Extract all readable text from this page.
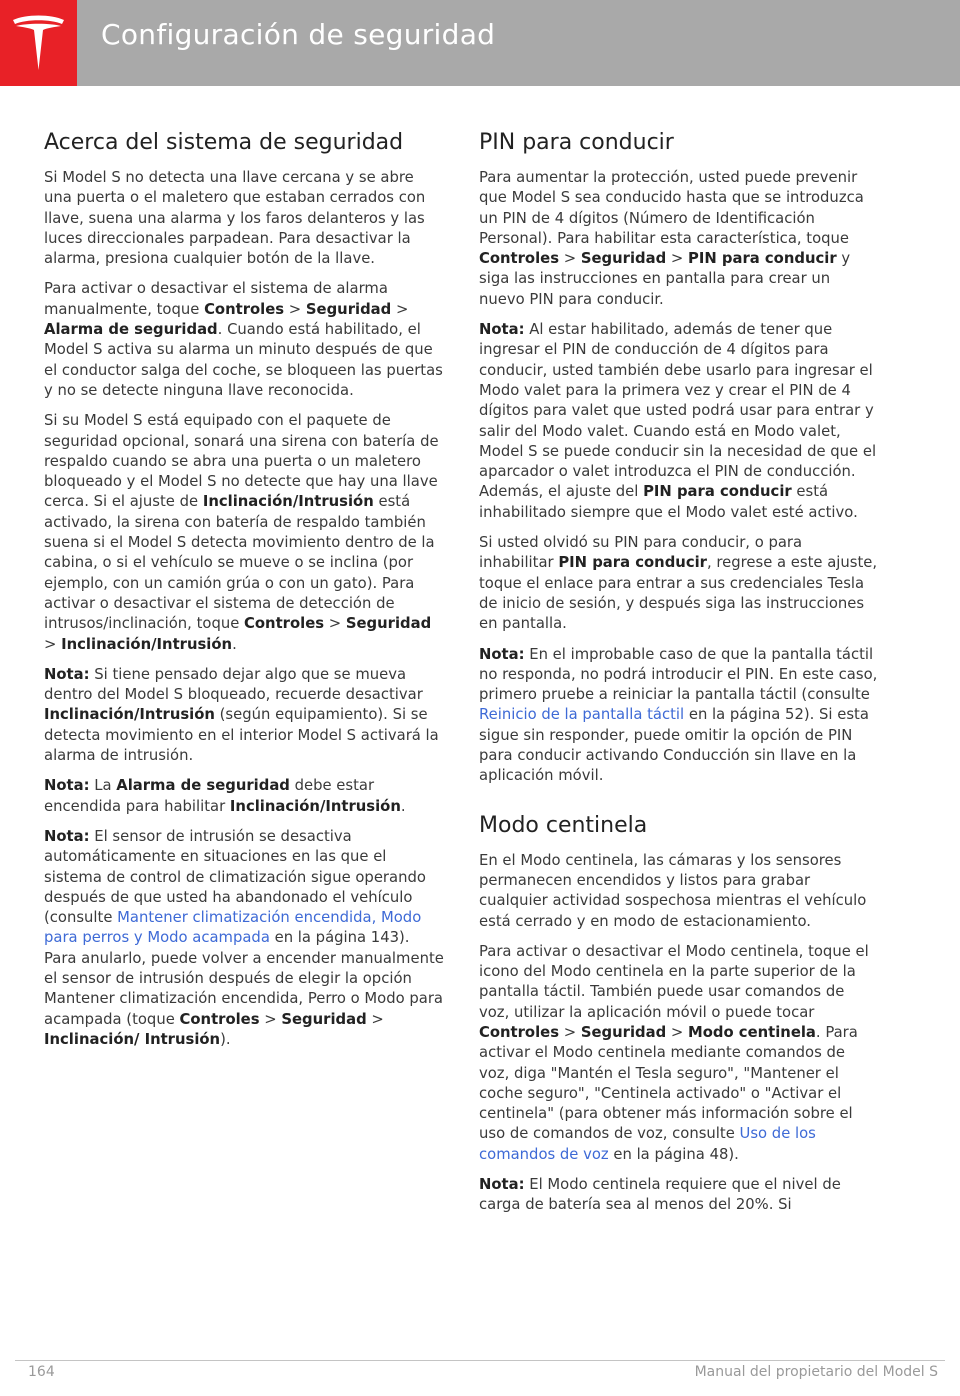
Configuración de seguridad
Acerca del sistema de seguridad

Si Model S no detecta una llave cercana y se abre una puerta o el maletero que estaban cerrados con llave, suena una alarma y los faros delanteros y las luces direccionales parpadean. Para desactivar la alarma, presiona cualquier botón de la llave.

Para activar o desactivar el sistema de alarma manualmente, toque Controles > Seguridad > Alarma de seguridad. Cuando está habilitado, el Model S activa su alarma un minuto después de que el conductor salga del coche, se bloqueen las puertas y no se detecte ninguna llave reconocida.

Si su Model S está equipado con el paquete de seguridad opcional, sonará una sirena con batería de respaldo cuando se abra una puerta o un maletero bloqueado y el Model S no detecte que hay una llave cerca. Si el ajuste de Inclinación/Intrusión está activado, la sirena con batería de respaldo también suena si el Model S detecta movimiento dentro de la cabina, o si el vehículo se mueve o se inclina (por ejemplo, con un camión grúa o con un gato). Para activar o desactivar el sistema de detección de intrusos/inclinación, toque Controles > Seguridad > Inclinación/Intrusión.

Nota: Si tiene pensado dejar algo que se mueva dentro del Model S bloqueado, recuerde desactivar Inclinación/Intrusión (según equipamiento). Si se detecta movimiento en el interior Model S activará la alarma de intrusión.

Nota: La Alarma de seguridad debe estar encendida para habilitar Inclinación/Intrusión.

Nota: El sensor de intrusión se desactiva automáticamente en situaciones en las que el sistema de control de climatización sigue operando después de que usted ha abandonado el vehículo (consulte Mantener climatización encendida, Modo para perros y Modo acampada en la página 143). Para anularlo, puede volver a encender manualmente el sensor de intrusión después de elegir la opción Mantener climatización encendida, Perro o Modo para acampada (toque Controles > Seguridad > Inclinación/ Intrusión).

PIN para conducir

Para aumentar la protección, usted puede prevenir que Model S sea conducido hasta que se introduzca un PIN de 4 dígitos (Número de Identificación Personal). Para habilitar esta característica, toque Controles > Seguridad > PIN para conducir y siga las instrucciones en pantalla para crear un nuevo PIN para conducir.

Nota: Al estar habilitado, además de tener que ingresar el PIN de conducción de 4 dígitos para conducir, usted también debe usarlo para ingresar el Modo valet para la primera vez y crear el PIN de 4 dígitos para valet que usted podrá usar para entrar y salir del Modo valet. Cuando está en Modo valet, Model S se puede conducir sin la necesidad de que el aparcador o valet introduzca el PIN de conducción. Además, el ajuste del PIN para conducir está inhabilitado siempre que el Modo valet esté activo.

Si usted olvidó su PIN para conducir, o para inhabilitar PIN para conducir, regrese a este ajuste, toque el enlace para entrar a sus credenciales Tesla de inicio de sesión, y después siga las instrucciones en pantalla.

Nota: En el improbable caso de que la pantalla táctil no responda, no podrá introducir el PIN. En este caso, primero pruebe a reiniciar la pantalla táctil (consulte Reinicio de la pantalla táctil en la página 52). Si esta sigue sin responder, puede omitir la opción de PIN para conducir activando Conducción sin llave en la aplicación móvil.

Modo centinela

En el Modo centinela, las cámaras y los sensores permanecen encendidos y listos para grabar cualquier actividad sospechosa mientras el vehículo está cerrado y en modo de estacionamiento.

Para activar o desactivar el Modo centinela, toque el icono del Modo centinela en la parte superior de la pantalla táctil. También puede usar comandos de voz, utilizar la aplicación móvil o puede tocar Controles > Seguridad > Modo centinela. Para activar el Modo centinela mediante comandos de voz, diga "Mantén el Tesla seguro", "Mantener el coche seguro", "Centinela activado" o "Activar el centinela" (para obtener más información sobre el uso de comandos de voz, consulte Uso de los comandos de voz en la página 48).

Nota: El Modo centinela requiere que el nivel de carga de batería sea al menos del 20%. Si

164	Manual del propietario del Model S
